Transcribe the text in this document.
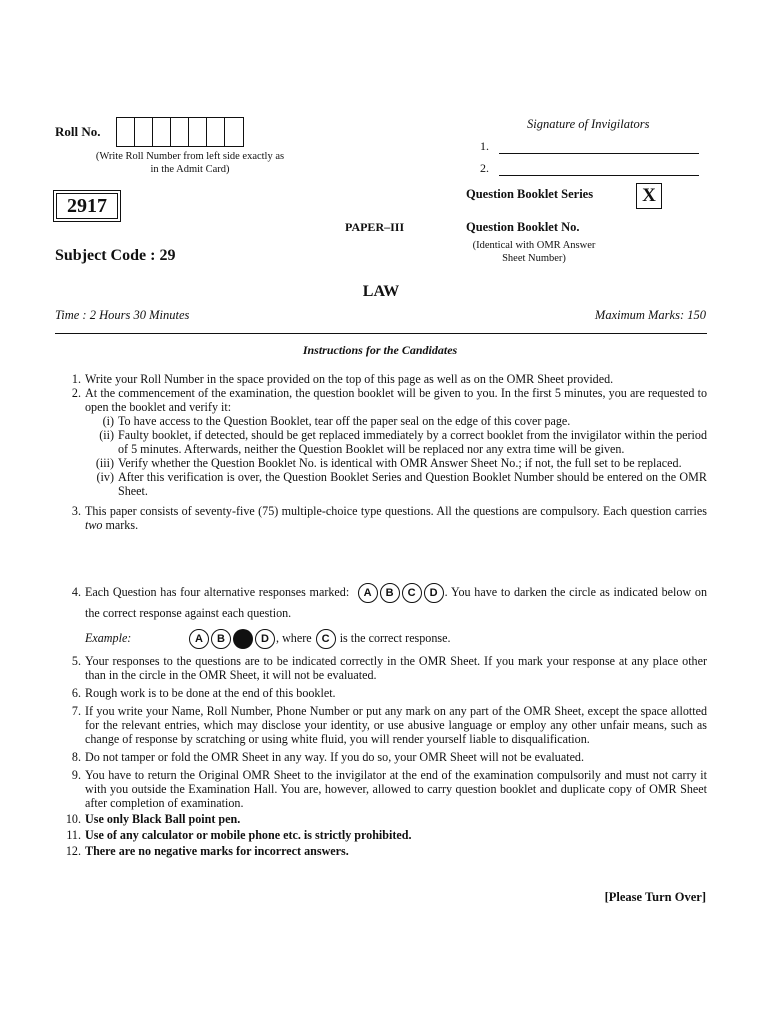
Roll No.
(Write Roll Number from left side exactly as in the Admit Card)
2917
Subject Code : 29
PAPER–III
LAW
Signature of Invigilators
1.
2.
Question Booklet Series	X
Question Booklet No.
(Identical with OMR Answer Sheet Number)
Time : 2 Hours 30 Minutes	Maximum Marks: 150
Instructions for the Candidates
1. Write your Roll Number in the space provided on the top of this page as well as on the OMR Sheet provided.
2. At the commencement of the examination, the question booklet will be given to you. In the first 5 minutes, you are requested to open the booklet and verify it:
(i) To have access to the Question Booklet, tear off the paper seal on the edge of this cover page.
(ii) Faulty booklet, if detected, should be get replaced immediately by a correct booklet from the invigilator within the period of 5 minutes. Afterwards, neither the Question Booklet will be replaced nor any extra time will be given.
(iii) Verify whether the Question Booklet No. is identical with OMR Answer Sheet No.; if not, the full set to be replaced.
(iv) After this verification is over, the Question Booklet Series and Question Booklet Number should be entered on the OMR Sheet.
3. This paper consists of seventy-five (75) multiple-choice type questions. All the questions are compulsory. Each question carries two marks.
4. Each Question has four alternative responses marked: A B C D . You have to darken the circle as indicated below on the correct response against each question.
Example:	A B	D , where C is the correct response.
5. Your responses to the questions are to be indicated correctly in the OMR Sheet. If you mark your response at any place other than in the circle in the OMR Sheet, it will not be evaluated.
6. Rough work is to be done at the end of this booklet.
7. If you write your Name, Roll Number, Phone Number or put any mark on any part of the OMR Sheet, except the space allotted for the relevant entries, which may disclose your identity, or use abusive language or employ any other unfair means, such as change of response by scratching or using white fluid, you will render yourself liable to disqualification.
8. Do not tamper or fold the OMR Sheet in any way. If you do so, your OMR Sheet will not be evaluated.
9. You have to return the Original OMR Sheet to the invigilator at the end of the examination compulsorily and must not carry it with you outside the Examination Hall. You are, however, allowed to carry question booklet and duplicate copy of OMR Sheet after completion of examination.
10. Use only Black Ball point pen.
11. Use of any calculator or mobile phone etc. is strictly prohibited.
12. There are no negative marks for incorrect answers.
[Please Turn Over]
